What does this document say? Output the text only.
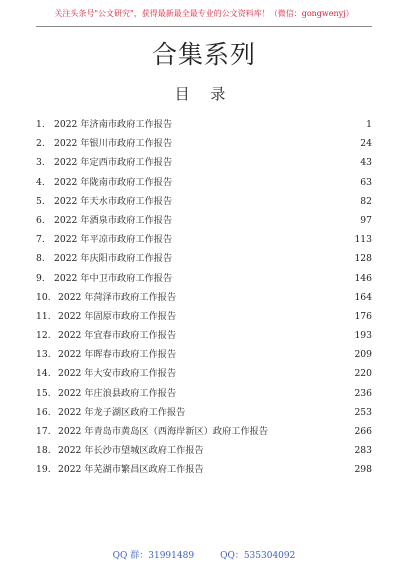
关注头条号"公文研究"，获得最新最全最专业的公文资料库！（微信：gongwenyj）
合集系列
目 录
1. 2022 年济南市政府工作报告	1
2. 2022 年银川市政府工作报告	24
3. 2022 年定西市政府工作报告	43
4. 2022 年陇南市政府工作报告	63
5. 2022 年天水市政府工作报告	82
6. 2022 年酒泉市政府工作报告	97
7. 2022 年平凉市政府工作报告	113
8. 2022 年庆阳市政府工作报告	128
9. 2022 年中卫市政府工作报告	146
10. 2022 年菏泽市政府工作报告	164
11. 2022 年固原市政府工作报告	176
12. 2022 年宜春市政府工作报告	193
13. 2022 年晖春市政府工作报告	209
14. 2022 年大安市政府工作报告	220
15. 2022 年庄浪县政府工作报告	236
16. 2022 年龙子湖区政府工作报告	253
17. 2022 年青岛市黄岛区（西海岸新区）政府工作报告	266
18. 2022 年长沙市望城区政府工作报告	283
19. 2022 年芜湖市繁昌区政府工作报告	298
QQ 群：31991489	QQ：535304092
